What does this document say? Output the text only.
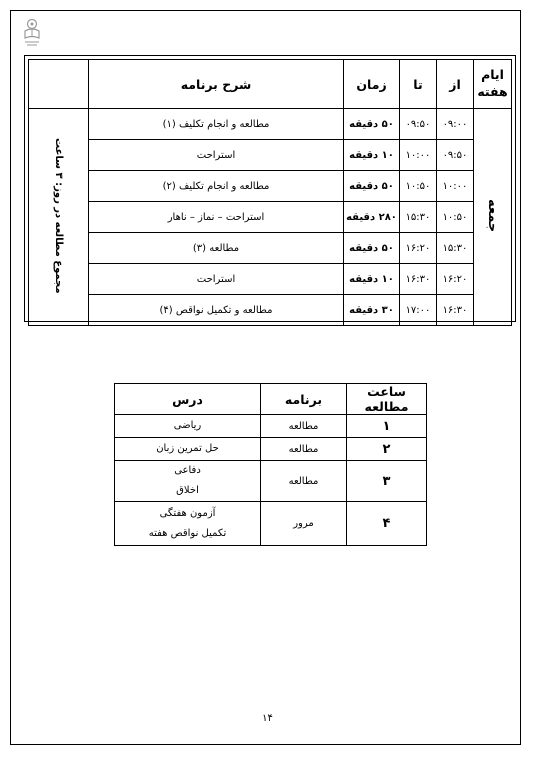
ایام هفته	از	تا	زمان	شرح برنامه	
جمعه	۰۹:۰۰	۰۹:۵۰	۵۰ دقیقه	مطالعه و انجام تکلیف (۱)	مجموع مطالعه در روز: ۳ ساعت
	۰۹:۵۰	۱۰:۰۰	۱۰ دقیقه	استراحت	
	۱۰:۰۰	۱۰:۵۰	۵۰ دقیقه	مطالعه و انجام تکلیف (۲)	
	۱۰:۵۰	۱۵:۳۰	۲۸۰ دقیقه	استراحت – نماز – ناهار	
	۱۵:۳۰	۱۶:۲۰	۵۰ دقیقه	مطالعه (۳)	
	۱۶:۲۰	۱۶:۳۰	۱۰ دقیقه	استراحت	
	۱۶:۳۰	۱۷:۰۰	۳۰ دقیقه	مطالعه و تکمیل نواقص (۴)	
ساعت مطالعه	برنامه	درس
۱	مطالعه	ریاضی

۲	مطالعه	حل تمرین زبان

۳	مطالعه	دفاعی
اخلاق

۴	مرور	آزمون هفتگی
تکمیل نواقص هفته
۱۴
